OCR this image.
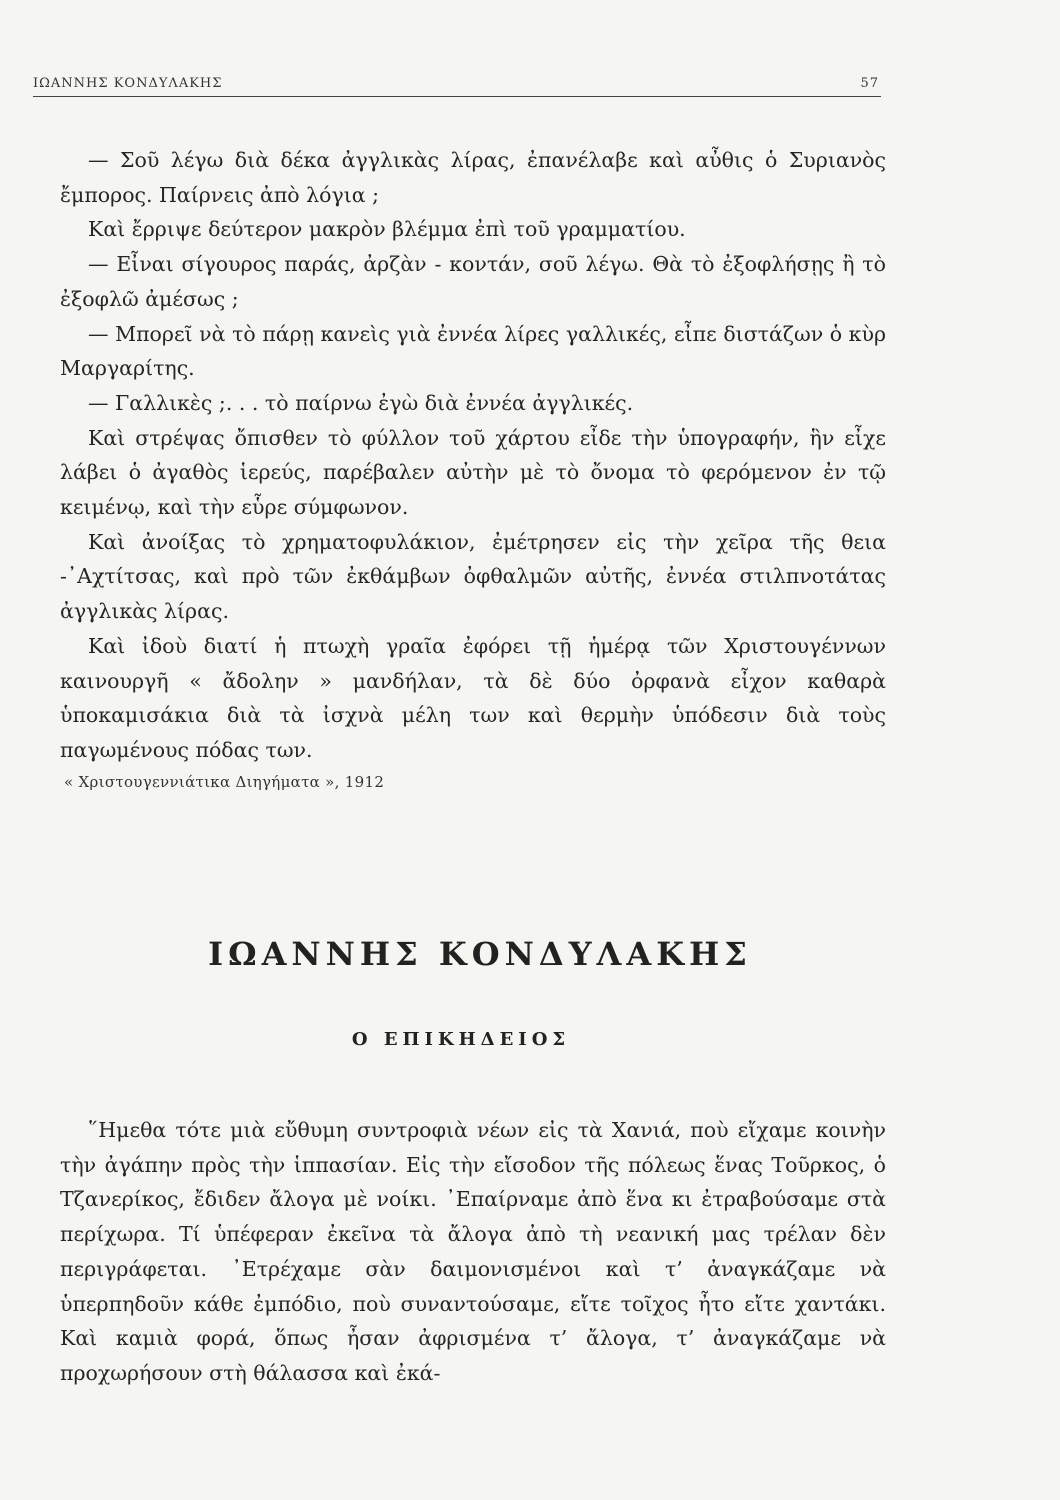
ΙΩΑΝΝΗΣ ΚΟΝΔΥΛΑΚΗΣ	57

— Σοῦ λέγω διὰ δέκα ἀγγλικὰς λίρας, ἐπανέλαβε καὶ αὖθις ὁ Συριανὸς ἔμπορος. Παίρνεις ἀπὸ λόγια ;

Καὶ ἔρριψε δεύτερον μακρὸν βλέμμα ἐπὶ τοῦ γραμματίου.

— Εἶναι σίγουρος παράς, ἀρζὰν - κοντάν, σοῦ λέγω. Θὰ τὸ ἐξοφλήσῃς ἢ τὸ ἐξοφλῶ ἀμέσως ;

— Μπορεῖ νὰ τὸ πάρῃ κανεὶς γιὰ ἐννέα λίρες γαλλικές, εἶπε διστάζων ὁ κὺρ Μαργαρίτης.

— Γαλλικὲς ;. . . τὸ παίρνω ἐγὼ διὰ ἐννέα ἀγγλικές.

Καὶ στρέψας ὄπισθεν τὸ φύλλον τοῦ χάρτου εἶδε τὴν ὑπογραφήν, ἣν εἶχε λάβει ὁ ἀγαθὸς ἱερεύς, παρέβαλεν αὐτὴν μὲ τὸ ὄνομα τὸ φερόμενον ἐν τῷ κειμένῳ, καὶ τὴν εὗρε σύμφωνον.

Καὶ ἀνοίξας τὸ χρηματοφυλάκιον, ἐμέτρησεν εἰς τὴν χεῖρα τῆς θεια -᾿Αχτίτσας, καὶ πρὸ τῶν ἐκθάμβων ὀφθαλμῶν αὐτῆς, ἐννέα στιλπνοτάτας ἀγγλικὰς λίρας.

Καὶ ἰδοὺ διατί ἡ πτωχὴ γραῖα ἐφόρει τῇ ἡμέρᾳ τῶν Χριστουγέννων καινουργῆ « ἄδολην » μανδήλαν, τὰ δὲ δύο ὀρφανὰ εἶχον καθαρὰ ὑποκαμισάκια διὰ τὰ ἰσχνὰ μέλη των καὶ θερμὴν ὑπόδεσιν διὰ τοὺς παγωμένους πόδας των.

« Χριστουγεννιάτικα Διηγήματα », 1912
ΙΩΑΝΝΗΣ ΚΟΝΔΥΛΑΚΗΣ
Ο ΕΠΙΚΗΔΕΙΟΣ

῞Ημεθα τότε μιὰ εὔθυμη συντροφιὰ νέων εἰς τὰ Χανιά, ποὺ εἴχαμε κοινὴν τὴν ἀγάπην πρὸς τὴν ἱππασίαν. Εἰς τὴν εἴσοδον τῆς πόλεως ἕνας Τοῦρκος, ὁ Τζανερίκος, ἔδιδεν ἄλογα μὲ νοίκι. ᾿Επαίρναμε ἀπὸ ἕνα κι ἐτραβούσαμε στὰ περίχωρα. Τί ὑπέφεραν ἐκεῖνα τὰ ἄλογα ἀπὸ τὴ νεανική μας τρέλαν δὲν περιγράφεται. ᾿Ετρέχαμε σὰν δαιμονισμένοι καὶ τ’ ἀναγκάζαμε νὰ ὑπερπηδοῦν κάθε ἐμπόδιο, ποὺ συναντούσαμε, εἴτε τοῖχος ἦτο εἴτε χαντάκι. Καὶ καμιὰ φορά, ὅπως ἦσαν ἀφρισμένα τ’ ἄλογα, τ’ ἀναγκάζαμε νὰ προχωρήσουν στὴ θάλασσα καὶ ἐκά-
